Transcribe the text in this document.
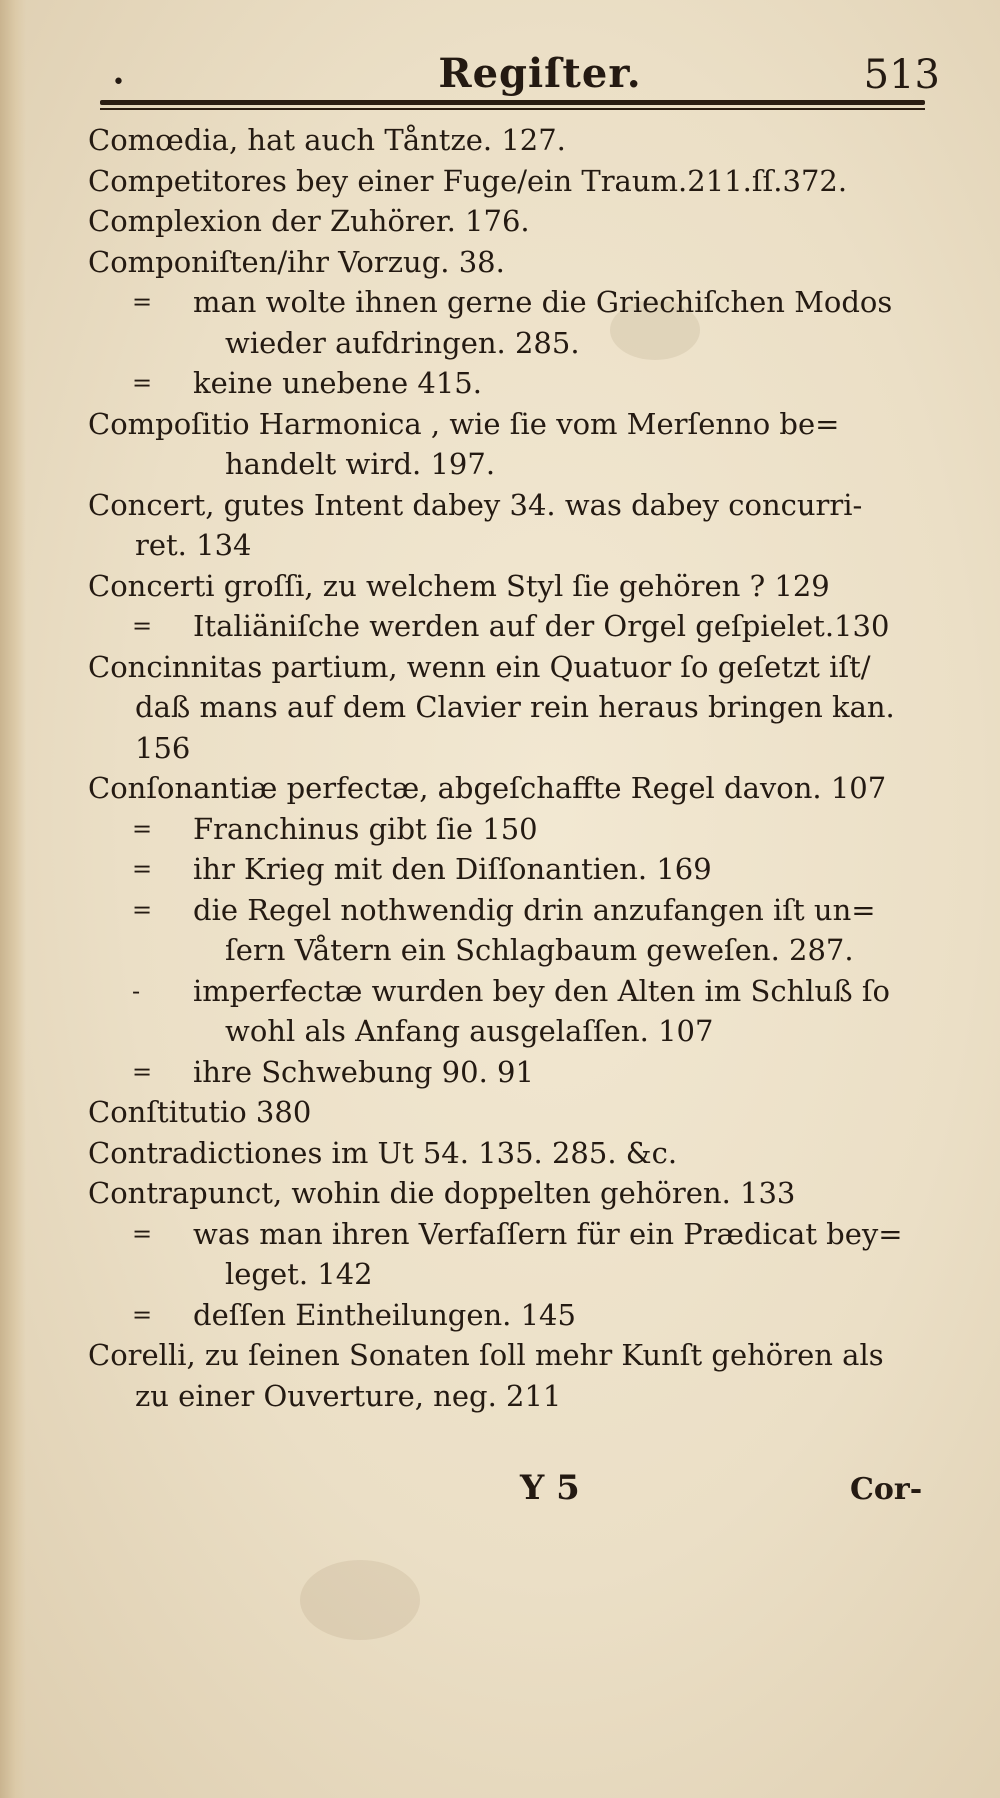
•	Regiſter.	513
Comœdia, hat auch Tåntze. 127.
Competitores bey einer Fuge/ein Traum.211.ſſ.372.
Complexion der Zuhörer. 176.
Componiſten/ihr Vorzug. 38.
=	man wolte ihnen gerne die Griechiſchen Modos
wieder aufdringen. 285.
=	keine unebene 415.
Compoſitio Harmonica , wie ſie vom Merſenno be=
handelt wird. 197.
Concert, gutes Intent dabey 34. was dabey concurri-
ret. 134
Concerti groſſi, zu welchem Styl ſie gehören ? 129
=	Italiäniſche werden auf der Orgel geſpielet.130
Concinnitas partium, wenn ein Quatuor ſo geſetzt iſt/
daß mans auf dem Clavier rein heraus bringen kan.
156
Conſonantiæ perfectæ, abgeſchaffte Regel davon. 107
=	Franchinus gibt ſie 150
=	ihr Krieg mit den Diſſonantien. 169
=	die Regel nothwendig drin anzufangen iſt un=
ſern Våtern ein Schlagbaum geweſen. 287.
-	imperfectæ wurden bey den Alten im Schluß ſo
wohl als Anfang ausgelaſſen. 107
=	ihre Schwebung 90. 91
Conſtitutio 380
Contradictiones im Ut 54. 135. 285. &c.
Contrapunct, wohin die doppelten gehören. 133
=	was man ihren Verfaſſern für ein Prædicat bey=
leget. 142
=	deſſen Eintheilungen. 145
Corelli, zu ſeinen Sonaten ſoll mehr Kunſt gehören als
zu einer Ouverture, neg. 211
Y 5	Cor-
